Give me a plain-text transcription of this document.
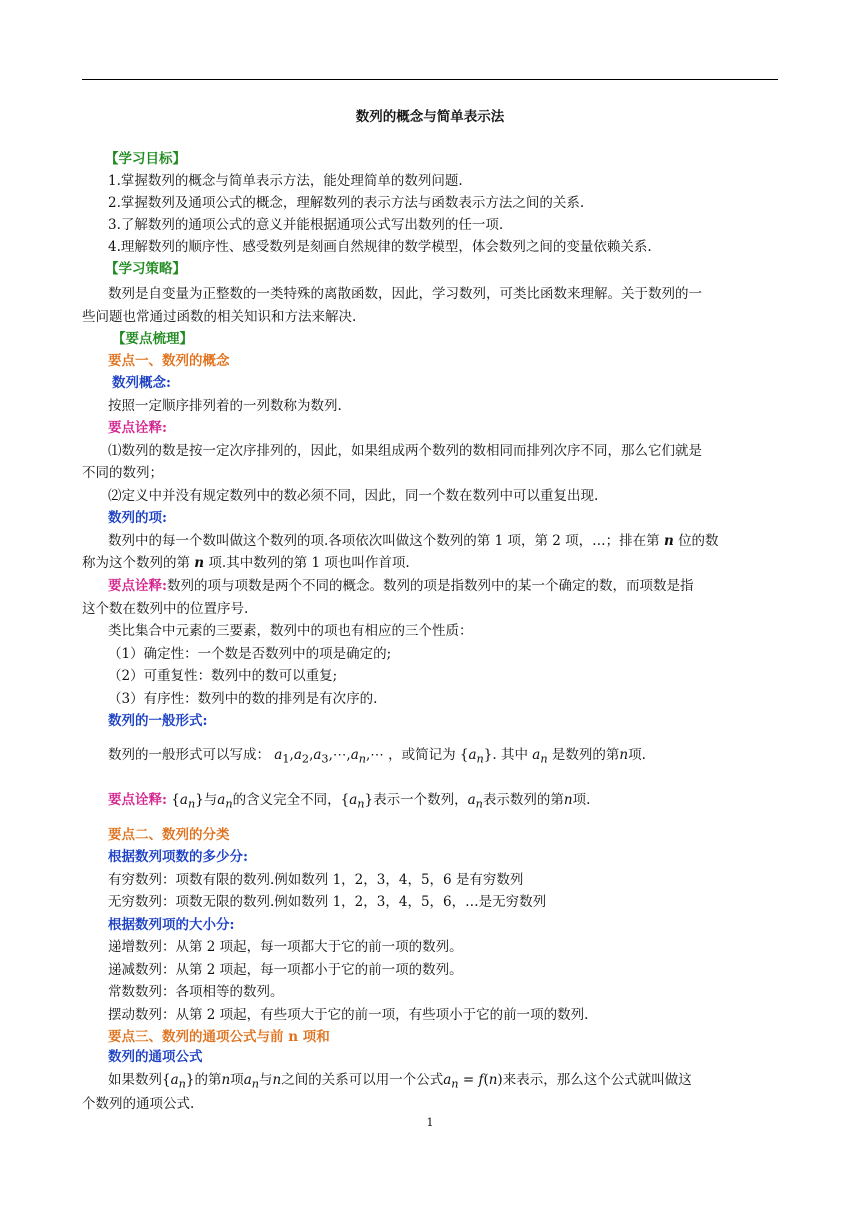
数列的概念与简单表示法
【学习目标】
1.掌握数列的概念与简单表示方法，能处理简单的数列问题.
2.掌握数列及通项公式的概念，理解数列的表示方法与函数表示方法之间的关系.
3.了解数列的通项公式的意义并能根据通项公式写出数列的任一项.
4.理解数列的顺序性、感受数列是刻画自然规律的数学模型，体会数列之间的变量依赖关系.
【学习策略】
数列是自变量为正整数的一类特殊的离散函数，因此，学习数列，可类比函数来理解。关于数列的一
些问题也常通过函数的相关知识和方法来解决.
【要点梳理】
要点一、数列的概念
数列概念:
按照一定顺序排列着的一列数称为数列.
要点诠释:
⑴数列的数是按一定次序排列的，因此，如果组成两个数列的数相同而排列次序不同，那么它们就是
不同的数列；
⑵定义中并没有规定数列中的数必须不同，因此，同一个数在数列中可以重复出现.
数列的项:
数列中的每一个数叫做这个数列的项.各项依次叫做这个数列的第 1 项，第 2 项，…；排在第 n 位的数
称为这个数列的第 n 项.其中数列的第 1 项也叫作首项.
要点诠释:数列的项与项数是两个不同的概念。数列的项是指数列中的某一个确定的数，而项数是指
这个数在数列中的位置序号.
类比集合中元素的三要素，数列中的项也有相应的三个性质：
（1）确定性：一个数是否数列中的项是确定的;
（2）可重复性：数列中的数可以重复;
（3）有序性：数列中的数的排列是有次序的.
数列的一般形式:
数列的一般形式可以写成： $a_1,a_2,a_3,\cdots,a_n,\cdots$ ，或简记为 $\{a_n\}$. 其中 $a_n$ 是数列的第n项.
要点诠释: $\{a_n\}$与$a_n$的含义完全不同，$\{a_n\}$表示一个数列，$a_n$表示数列的第n项.
要点二、数列的分类
根据数列项数的多少分:
有穷数列：项数有限的数列.例如数列 1，2，3，4，5，6 是有穷数列
无穷数列：项数无限的数列.例如数列 1，2，3，4，5，6，…是无穷数列
根据数列项的大小分:
递增数列：从第 2 项起，每一项都大于它的前一项的数列。
递减数列：从第 2 项起，每一项都小于它的前一项的数列。
常数数列：各项相等的数列。
摆动数列：从第 2 项起，有些项大于它的前一项，有些项小于它的前一项的数列.
要点三、数列的通项公式与前 n 项和
数列的通项公式
如果数列$\{a_n\}$的第n项$a_n$与n之间的关系可以用一个公式$a_n = f(n)$来表示，那么这个公式就叫做这
个数列的通项公式.
1
